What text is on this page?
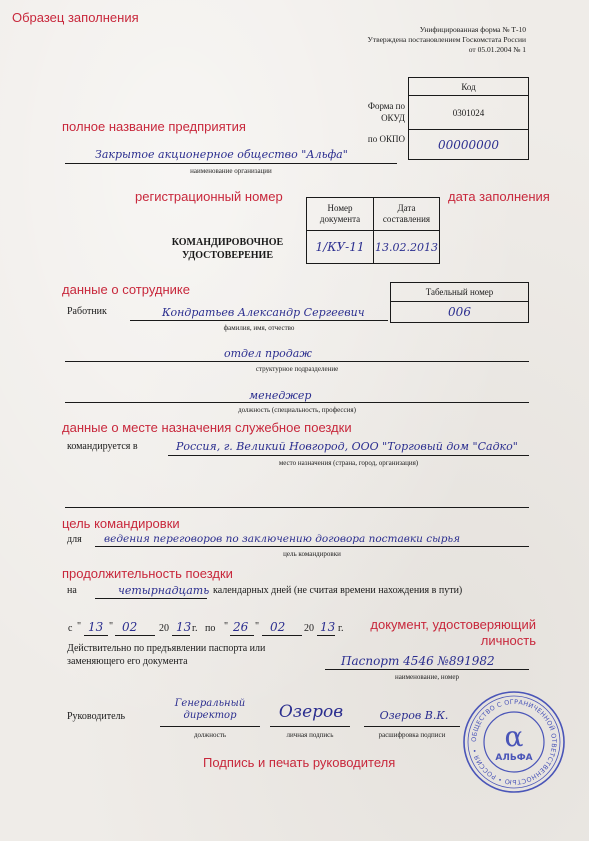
Образец заполнения
Унифицированная форма № Т-10
Утверждена постановлением Госкомстата России
от 05.01.2004 № 1
Код
0301024
00000000
Форма по ОКУД
по ОКПО
полное название предприятия
Закрытое акционерное общество "Альфа"
наименование организации
регистрационный номер	дата заполнения
Номер документа
Дата составления
1/КУ-11 13.02.2013
КОМАНДИРОВОЧНОЕ УДОСТОВЕРЕНИЕ
данные о сотруднике	Табельный номер
006
Работник	Кондратьев Александр Сергеевич
фамилия, имя, отчество
отдел продаж
структурное подразделение
менеджер
должность (специальность, профессия)
данные о месте назначения служебное поездки
командируется в	Россия, г. Великий Новгород, ООО "Торговый дом "Садко"
место назначения (страна, город, организация)
цель командировки
для ведения переговоров по заключению договора поставки сырья
цель командировки
продолжительность поездки
на	четырнадцать календарных дней (не считая времени нахождения в пути)
с " 13 " 02 20 13 г. по " 26 " 02 20 13 г.	документ, удостоверяющий личность
Действительно по предъявлении паспорта или
заменяющего его документа	Паспорт 4546 №891982
наименование, номер
Руководитель
Генеральный
директор
должность
Озеров
личная подпись
Озеров В.К.
расшифровка подписи
Подпись и печать руководителя
ОБЩЕСТВО С ОГРАНИЧЕННОЙ ОТВЕТСТВЕННОСТЬЮ • РОССИЯ • α
АЛЬФА
